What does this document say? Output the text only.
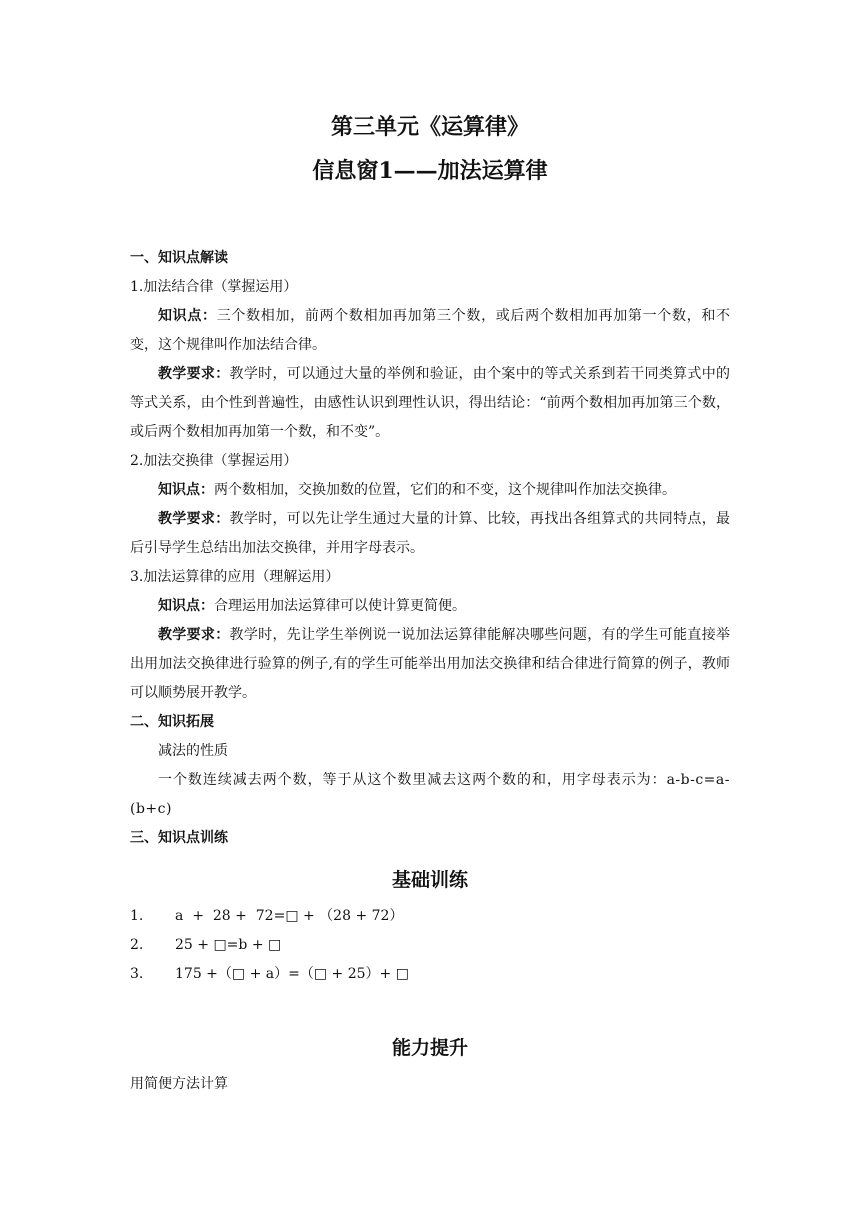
第三单元《运算律》
信息窗1——加法运算律
一、知识点解读
1.加法结合律（掌握运用）
知识点：三个数相加，前两个数相加再加第三个数，或后两个数相加再加第一个数，和不变，这个规律叫作加法结合律。
教学要求：教学时，可以通过大量的举例和验证，由个案中的等式关系到若干同类算式中的等式关系，由个性到普遍性，由感性认识到理性认识，得出结论：“前两个数相加再加第三个数，或后两个数相加再加第一个数，和不变”。
2.加法交换律（掌握运用）
知识点：两个数相加，交换加数的位置，它们的和不变，这个规律叫作加法交换律。
教学要求：教学时，可以先让学生通过大量的计算、比较，再找出各组算式的共同特点，最后引导学生总结出加法交换律，并用字母表示。
3.加法运算律的应用（理解运用）
知识点：合理运用加法运算律可以使计算更简便。
教学要求：教学时，先让学生举例说一说加法运算律能解决哪些问题，有的学生可能直接举出用加法交换律进行验算的例子,有的学生可能举出用加法交换律和结合律进行简算的例子，教师可以顺势展开教学。
二、知识拓展
减法的性质
一个数连续减去两个数，等于从这个数里减去这两个数的和，用字母表示为：a-b-c=a-(b+c)
三、知识点训练
基础训练
1. a  +  28 +  72=□ + （28 + 72）
2. 25 + □=b + □
3. 175 +（□ + a）=（□ + 25）+ □
能力提升
用简便方法计算
